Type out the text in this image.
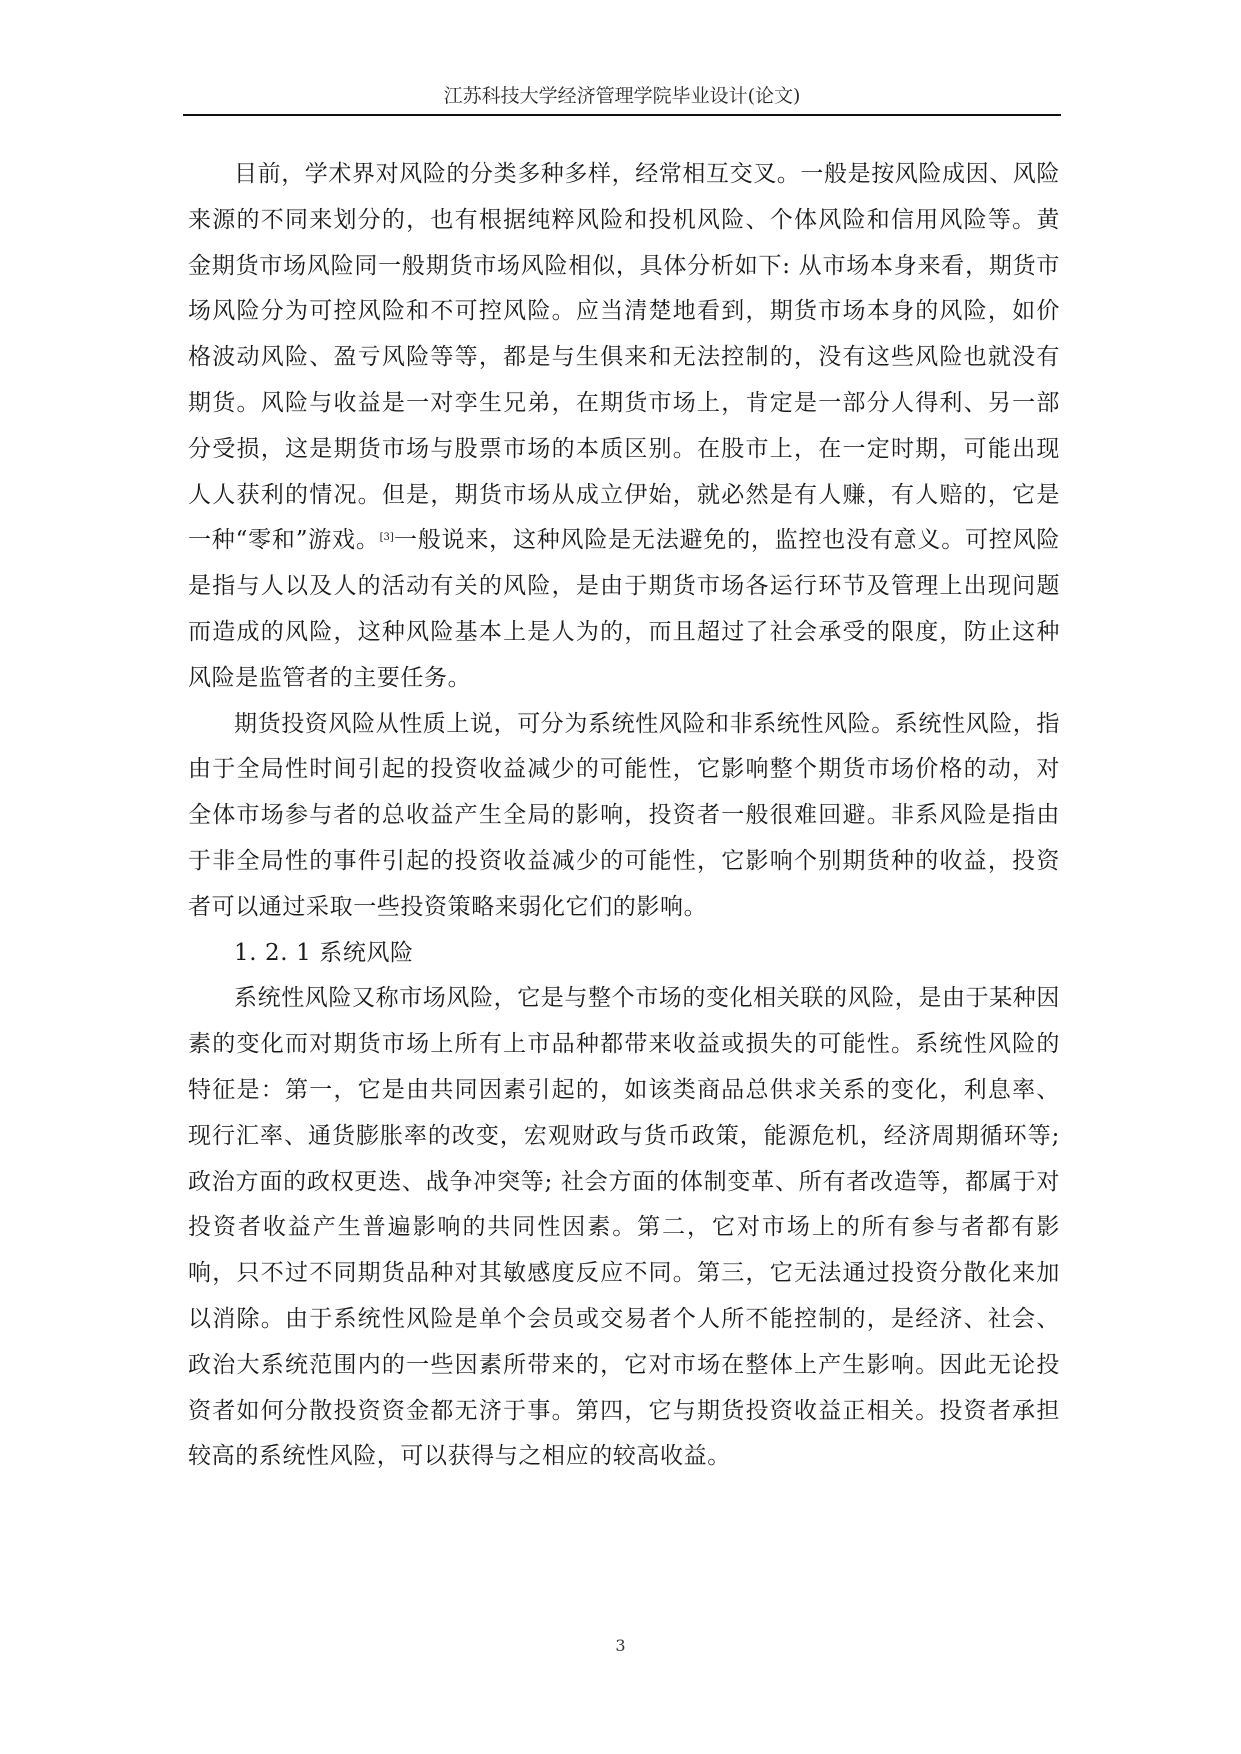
江苏科技大学经济管理学院毕业设计(论文)

目前，学术界对风险的分类多种多样，经常相互交叉。一般是按风险成因、风险来源的不同来划分的，也有根据纯粹风险和投机风险、个体风险和信用风险等。黄金期货市场风险同一般期货市场风险相似，具体分析如下: 从市场本身来看，期货市场风险分为可控风险和不可控风险。应当清楚地看到，期货市场本身的风险，如价格波动风险、盈亏风险等等，都是与生俱来和无法控制的，没有这些风险也就没有期货。风险与收益是一对孪生兄弟，在期货市场上，肯定是一部分人得利、另一部分受损，这是期货市场与股票市场的本质区别。在股市上，在一定时期，可能出现人人获利的情况。但是，期货市场从成立伊始，就必然是有人赚，有人赔的，它是一种“零和”游戏。[3]一般说来，这种风险是无法避免的，监控也没有意义。可控风险是指与人以及人的活动有关的风险，是由于期货市场各运行环节及管理上出现问题而造成的风险，这种风险基本上是人为的，而且超过了社会承受的限度，防止这种风险是监管者的主要任务。

期货投资风险从性质上说，可分为系统性风险和非系统性风险。系统性风险，指由于全局性时间引起的投资收益减少的可能性，它影响整个期货市场价格的动，对全体市场参与者的总收益产生全局的影响，投资者一般很难回避。非系风险是指由于非全局性的事件引起的投资收益减少的可能性，它影响个别期货种的收益，投资者可以通过采取一些投资策略来弱化它们的影响。

1. 2. 1 系统风险

系统性风险又称市场风险，它是与整个市场的变化相关联的风险，是由于某种因素的变化而对期货市场上所有上市品种都带来收益或损失的可能性。系统性风险的特征是：第一，它是由共同因素引起的，如该类商品总供求关系的变化，利息率、现行汇率、通货膨胀率的改变，宏观财政与货币政策，能源危机，经济周期循环等; 政治方面的政权更迭、战争冲突等; 社会方面的体制变革、所有者改造等，都属于对投资者收益产生普遍影响的共同性因素。第二，它对市场上的所有参与者都有影响，只不过不同期货品种对其敏感度反应不同。第三，它无法通过投资分散化来加以消除。由于系统性风险是单个会员或交易者个人所不能控制的，是经济、社会、政治大系统范围内的一些因素所带来的，它对市场在整体上产生影响。因此无论投资者如何分散投资资金都无济于事。第四，它与期货投资收益正相关。投资者承担较高的系统性风险，可以获得与之相应的较高收益。

3
